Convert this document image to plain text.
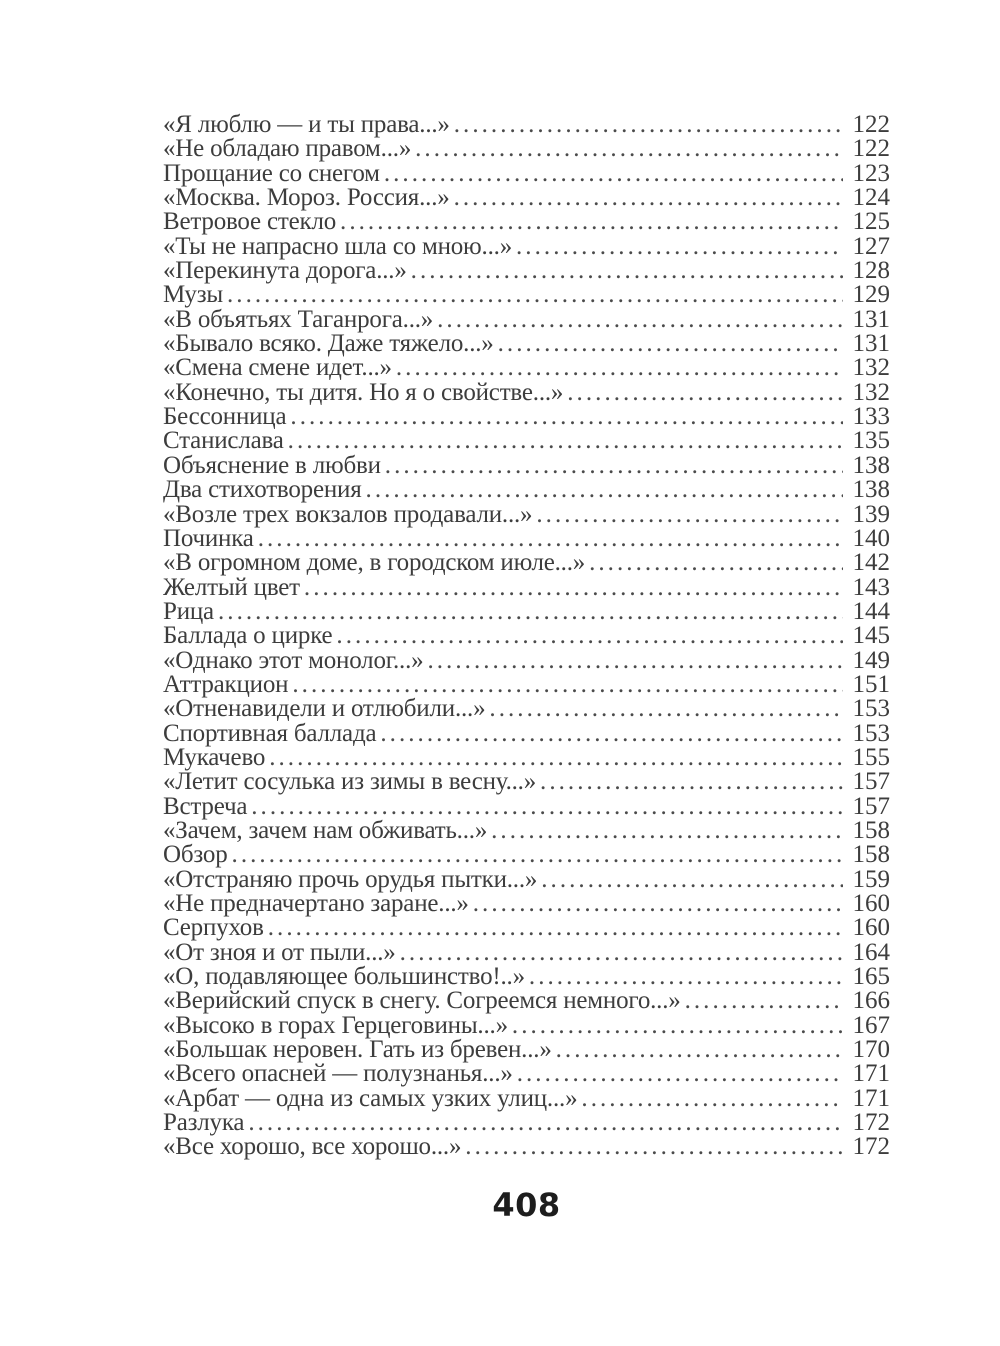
«Я люблю — и ты права...» . . .	122
«Не обладаю правом...» . . .	122
Прощание со снегом . . .	123
«Москва. Мороз. Россия...» . . .	124
Ветровое стекло . . .	125
«Ты не напрасно шла со мною...» . . .	127
«Перекинута дорога...» . . .	128
Музы . . .	129
«В объятьях Таганрога...» . . .	131
«Бывало всяко. Даже тяжело...» . . .	131
«Смена смене идет...» . . .	132
«Конечно, ты дитя. Но я о свойстве...» . . .	132
Бессонница . . .	133
Станислава . . .	135
Объяснение в любви . . .	138
Два стихотворения . . .	138
«Возле трех вокзалов продавали...» . . .	139
Починка . . .	140
«В огромном доме, в городском июле...» . . .	142
Желтый цвет . . .	143
Рица . . .	144
Баллада о цирке . . .	145
«Однако этот монолог...» . . .	149
Аттракцион . . .	151
«Отненавидели и отлюбили...» . . .	153
Спортивная баллада . . .	153
Мукачево . . .	155
«Летит сосулька из зимы в весну...» . . .	157
Встреча . . .	157
«Зачем, зачем нам обживать...» . . .	158
Обзор . . .	158
«Отстраняю прочь орудья пытки...» . . .	159
«Не предначертано заране...» . . .	160
Серпухов . . .	160
«От зноя и от пыли...» . . .	164
«О, подавляющее большинство!..» . . .	165
«Верийский спуск в снегу. Согреемся немного...» . . .	166
«Высоко в горах Герцеговины...» . . .	167
«Большак неровен. Гать из бревен...» . . .	170
«Всего опасней — полузнанья...» . . .	171
«Арбат — одна из самых узких улиц...» . . .	171
Разлука . . .	172
«Все хорошо, все хорошо...» . . .	172
408
